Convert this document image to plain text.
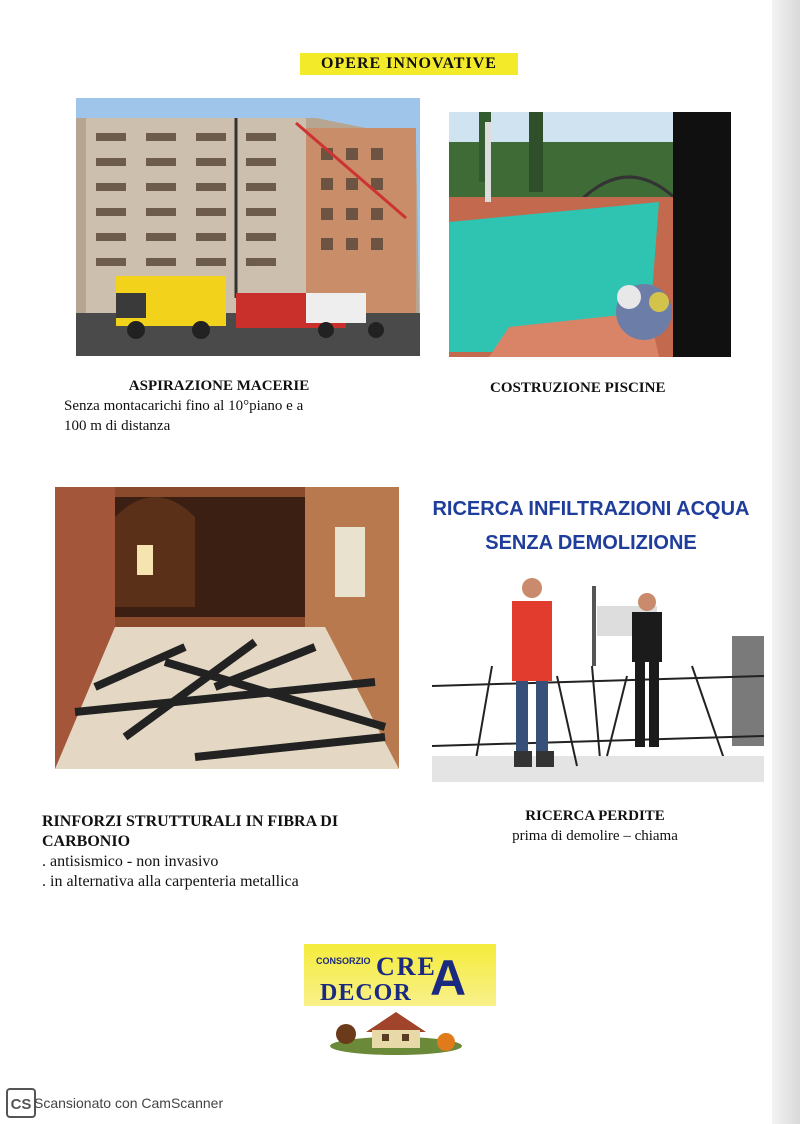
OPERE INNOVATIVE
ASPIRAZIONE MACERIE
Senza montacarichi fino al 10°piano e a
100 m di distanza
COSTRUZIONE PISCINE
RICERCA INFILTRAZIONI ACQUA
SENZA DEMOLIZIONE
RINFORZI STRUTTURALI IN FIBRA DI
CARBONIO
. antisismico - non invasivo
. in alternativa alla carpenteria metallica
RICERCA PERDITE
prima di demolire – chiama
CONSORZIO CRE
DECOR A
CS Scansionato con CamScanner
